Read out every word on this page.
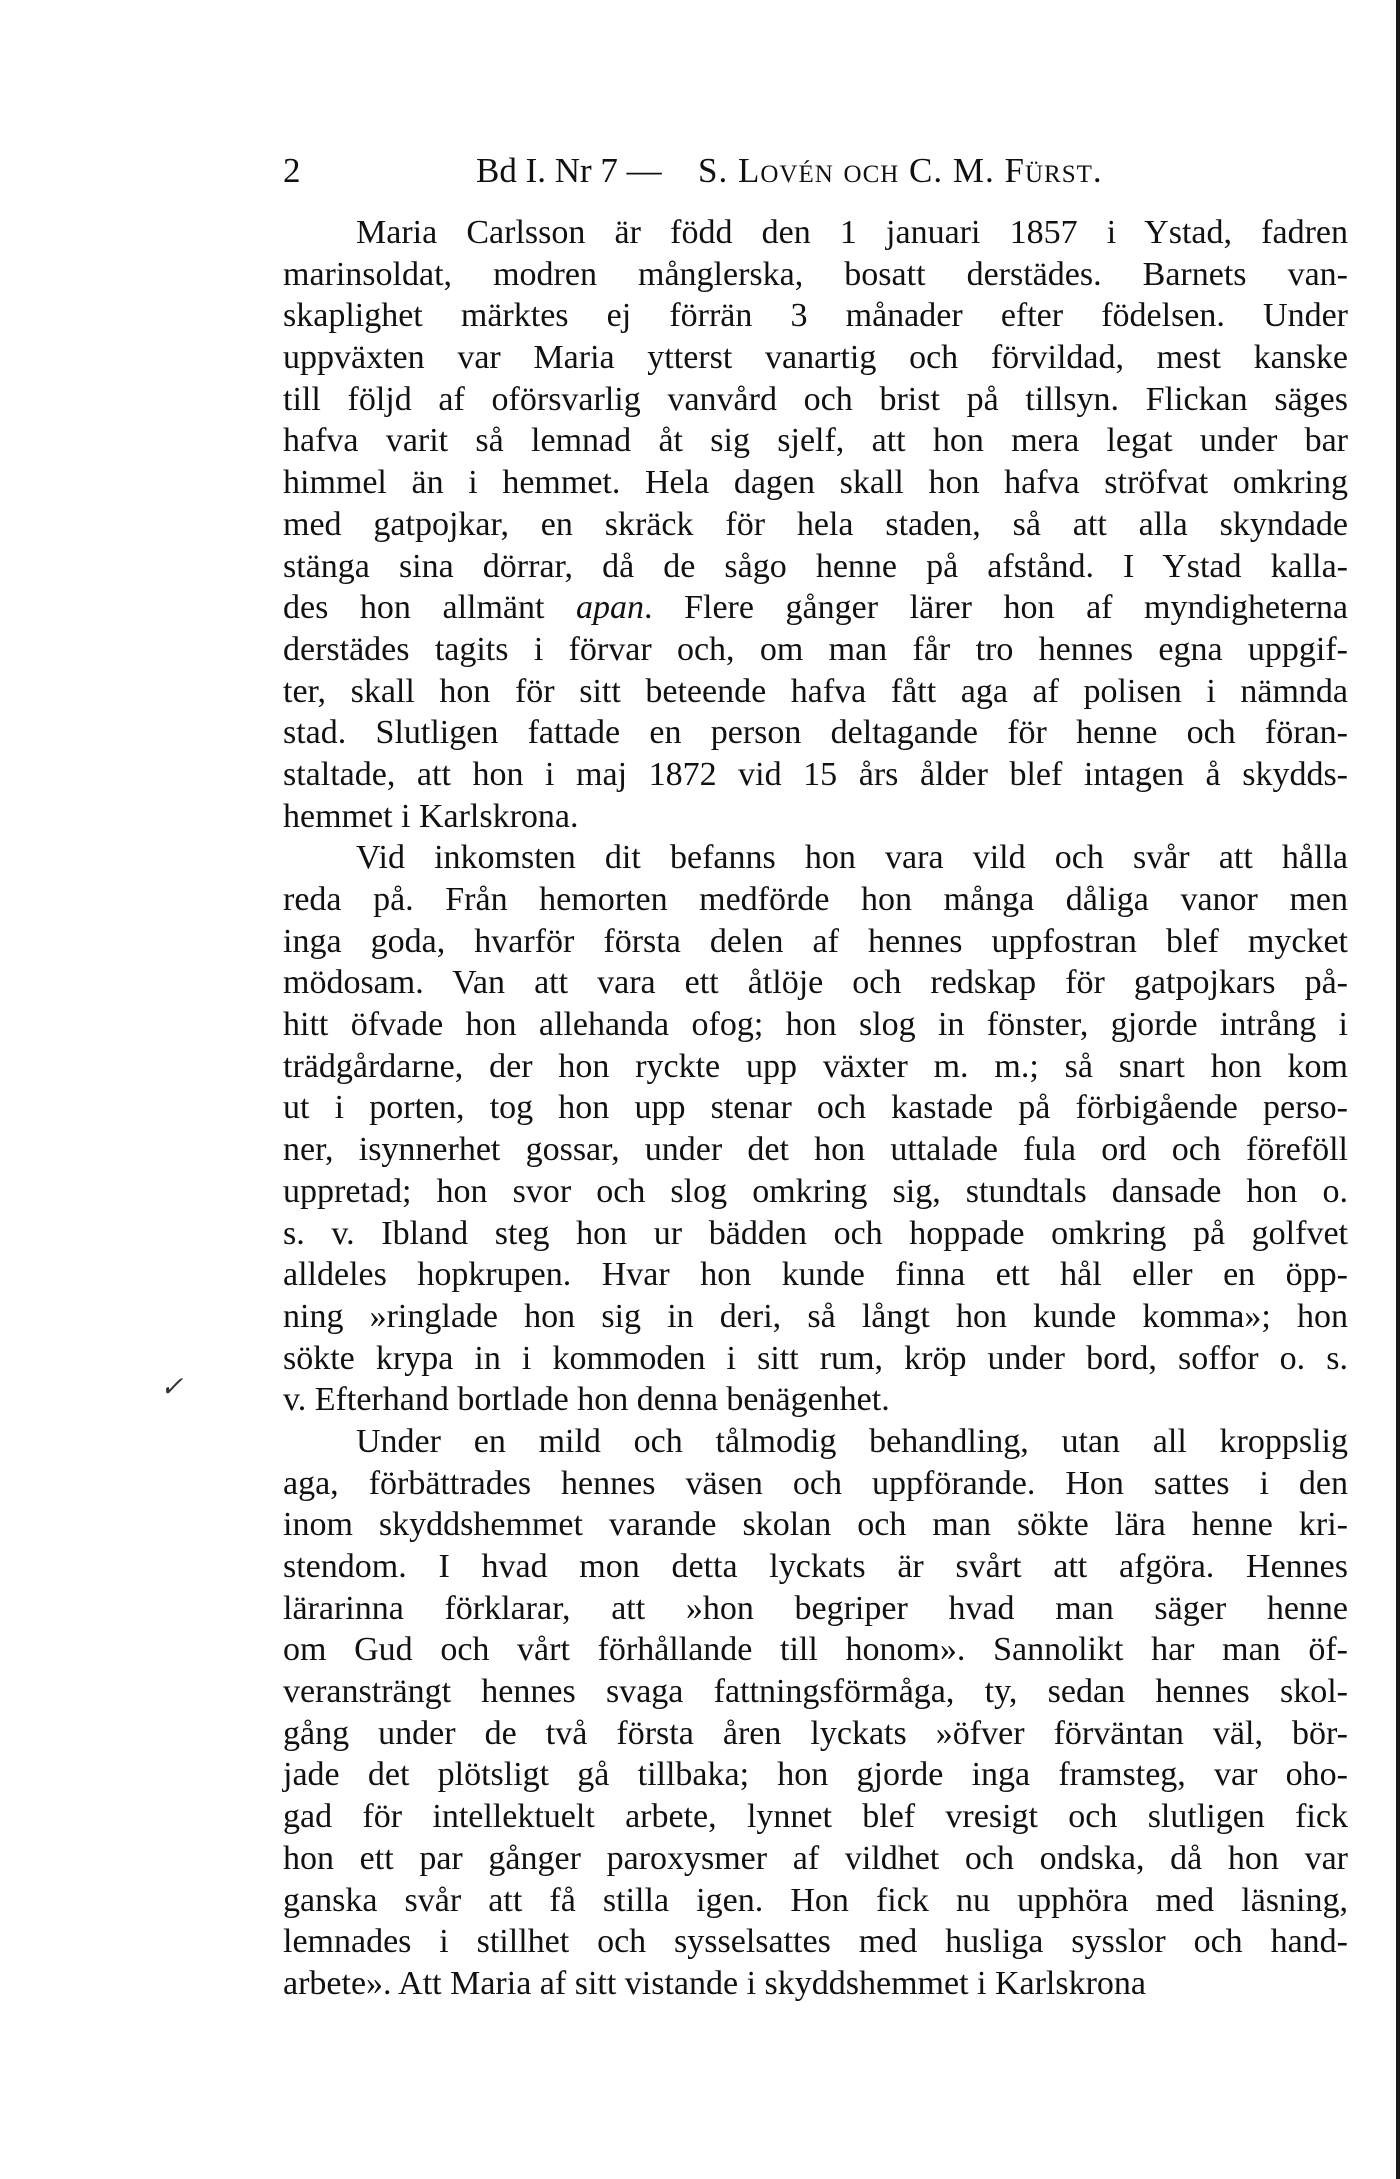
2	Bd I. Nr 7 — S. Lovén och C. M. Fürst.
Maria Carlsson är född den 1 januari 1857 i Ystad, fadren
marinsoldat, modren månglerska, bosatt derstädes. Barnets van-
skaplighet märktes ej förrän 3 månader efter födelsen. Under
uppväxten var Maria ytterst vanartig och förvildad, mest kanske
till följd af oförsvarlig vanvård och brist på tillsyn. Flickan säges
hafva varit så lemnad åt sig sjelf, att hon mera legat under bar
himmel än i hemmet. Hela dagen skall hon hafva ströfvat omkring
med gatpojkar, en skräck för hela staden, så att alla skyndade
stänga sina dörrar, då de sågo henne på afstånd. I Ystad kalla-
des hon allmänt apan. Flere gånger lärer hon af myndigheterna
derstädes tagits i förvar och, om man får tro hennes egna uppgif-
ter, skall hon för sitt beteende hafva fått aga af polisen i nämnda
stad. Slutligen fattade en person deltagande för henne och föran-
staltade, att hon i maj 1872 vid 15 års ålder blef intagen å skydds-
hemmet i Karlskrona.
Vid inkomsten dit befanns hon vara vild och svår att hålla
reda på. Från hemorten medförde hon många dåliga vanor men
inga goda, hvarför första delen af hennes uppfostran blef mycket
mödosam. Van att vara ett åtlöje och redskap för gatpojkars på-
hitt öfvade hon allehanda ofog; hon slog in fönster, gjorde intrång i
trädgårdarne, der hon ryckte upp växter m. m.; så snart hon kom
ut i porten, tog hon upp stenar och kastade på förbigående perso-
ner, isynnerhet gossar, under det hon uttalade fula ord och föreföll
uppretad; hon svor och slog omkring sig, stundtals dansade hon o.
s. v. Ibland steg hon ur bädden och hoppade omkring på golfvet
alldeles hopkrupen. Hvar hon kunde finna ett hål eller en öpp-
ning »ringlade hon sig in deri, så långt hon kunde komma»; hon
sökte krypa in i kommoden i sitt rum, kröp under bord, soffor o. s.
v. Efterhand bortlade hon denna benägenhet.
Under en mild och tålmodig behandling, utan all kroppslig
aga, förbättrades hennes väsen och uppförande. Hon sattes i den
inom skyddshemmet varande skolan och man sökte lära henne kri-
stendom. I hvad mon detta lyckats är svårt att afgöra. Hennes
lärarinna förklarar, att »hon begriper hvad man säger henne
om Gud och vårt förhållande till honom». Sannolikt har man öf-
veransträngt hennes svaga fattningsförmåga, ty, sedan hennes skol-
gång under de två första åren lyckats »öfver förväntan väl, bör-
jade det plötsligt gå tillbaka; hon gjorde inga framsteg, var oho-
gad för intellektuelt arbete, lynnet blef vresigt och slutligen fick
hon ett par gånger paroxysmer af vildhet och ondska, då hon var
ganska svår att få stilla igen. Hon fick nu upphöra med läsning,
lemnades i stillhet och sysselsattes med husliga sysslor och hand-
arbete». Att Maria af sitt vistande i skyddshemmet i Karlskrona
✓
